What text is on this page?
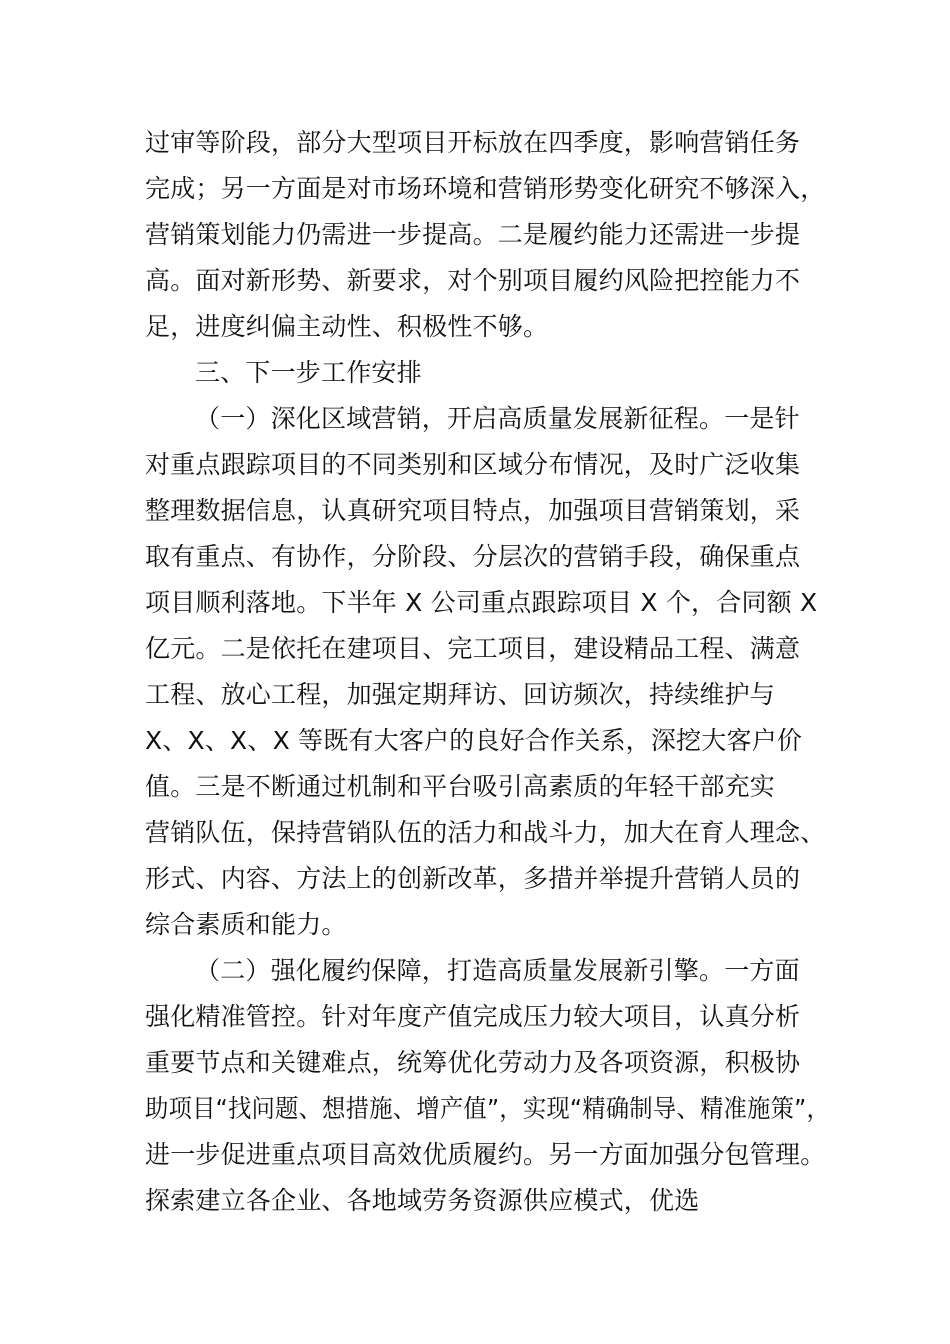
过审等阶段，部分大型项目开标放在四季度，影响营销任务
完成；另一方面是对市场环境和营销形势变化研究不够深入，
营销策划能力仍需进一步提高。二是履约能力还需进一步提
高。面对新形势、新要求，对个别项目履约风险把控能力不
足，进度纠偏主动性、积极性不够。
三、下一步工作安排
（一）深化区域营销，开启高质量发展新征程。一是针
对重点跟踪项目的不同类别和区域分布情况，及时广泛收集
整理数据信息，认真研究项目特点，加强项目营销策划，采
取有重点、有协作，分阶段、分层次的营销手段，确保重点
项目顺利落地。下半年 X 公司重点跟踪项目 X 个，合同额 X
亿元。二是依托在建项目、完工项目，建设精品工程、满意
工程、放心工程，加强定期拜访、回访频次，持续维护与
X、X、X、X 等既有大客户的良好合作关系，深挖大客户价
值。三是不断通过机制和平台吸引高素质的年轻干部充实
营销队伍，保持营销队伍的活力和战斗力，加大在育人理念、
形式、内容、方法上的创新改革，多措并举提升营销人员的
综合素质和能力。
（二）强化履约保障，打造高质量发展新引擎。一方面
强化精准管控。针对年度产值完成压力较大项目，认真分析
重要节点和关键难点，统筹优化劳动力及各项资源，积极协
助项目“找问题、想措施、增产值”，实现“精确制导、精准施策”，
进一步促进重点项目高效优质履约。另一方面加强分包管理。
探索建立各企业、各地域劳务资源供应模式，优选
